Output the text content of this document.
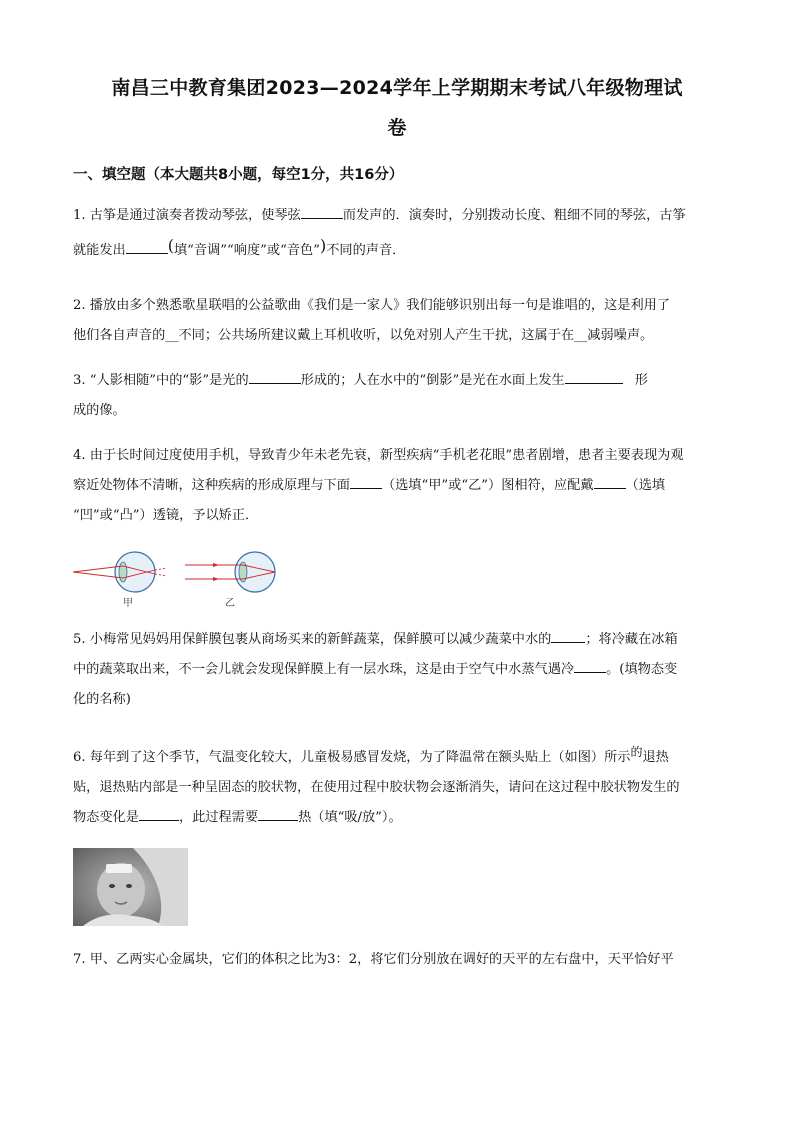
南昌三中教育集团2023—2024学年上学期期末考试八年级物理试
卷
一、填空题（本大题共8小题，每空1分，共16分）

1. 古筝是通过演奏者拨动琴弦，使琴弦	而发声的．演奏时，分别拨动长度、粗细不同的琴弦，古筝

就能发出	(填“音调”“响度”或“音色”)不同的声音．

2. 播放由多个熟悉歌星联唱的公益歌曲《我们是一家人》我们能够识别出每一句是谁唱的，这是利用了

他们各自声音的__不同；公共场所建议戴上耳机收听，以免对别人产生干扰，这属于在__减弱噪声。

3. “人影相随”中的“影”是光的	形成的；人在水中的“倒影”是光在水面上发生	形

成的像。

4. 由于长时间过度使用手机，导致青少年未老先衰，新型疾病“手机老花眼”患者剧增，患者主要表现为观

察近处物体不清晰，这种疾病的形成原理与下面 （选填“甲”或“乙”）图相符，应配戴 （选填

“凹”或“凸”）透镜，予以矫正．

甲	乙

5. 小梅常见妈妈用保鲜膜包裹从商场买来的新鲜蔬菜，保鲜膜可以减少蔬菜中水的	；将冷藏在冰箱

中的蔬菜取出来，不一会儿就会发现保鲜膜上有一层水珠，这是由于空气中水蒸气遇冷 。(填物态变

化的名称)

6. 每年到了这个季节，气温变化较大，儿童极易感冒发烧，为了降温常在额头贴上（如图）所示的退热

贴，退热贴内部是一种呈固态的胶状物，在使用过程中胶状物会逐渐消失，请问在这过程中胶状物发生的

物态变化是	，此过程需要	热（填“吸/放”）。

7. 甲、乙两实心金属块，它们的体积之比为3：2，将它们分别放在调好的天平的左右盘中，天平恰好平
